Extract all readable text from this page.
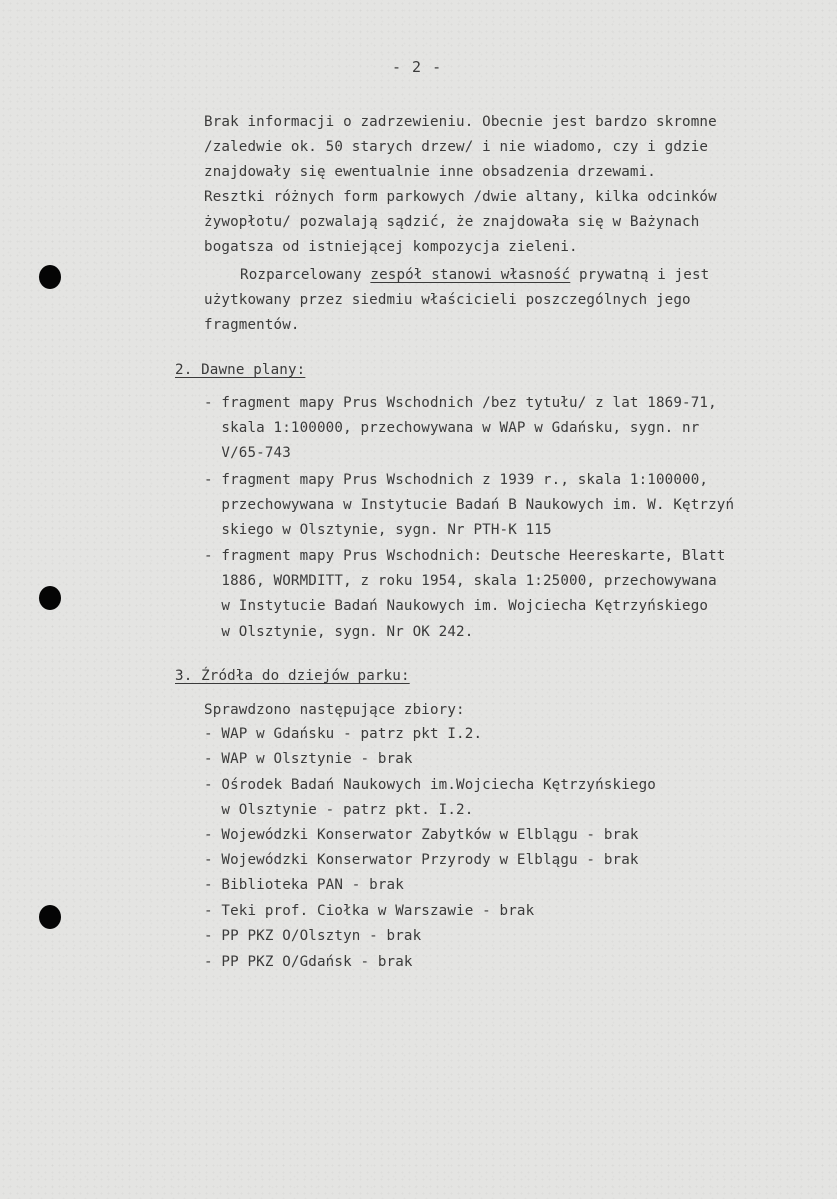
- 2 -
Brak informacji o zadrzewieniu. Obecnie jest bardzo skromne
/zaledwie ok. 50 starych drzew/ i nie wiadomo, czy i gdzie
znajdowały się ewentualnie inne obsadzenia drzewami.
Resztki różnych form parkowych /dwie altany, kilka odcinków
żywopłotu/ pozwalają sądzić, że znajdowała się w Bażynach
bogatsza od istniejącej kompozycja zieleni.
Rozparcelowany zespół stanowi własność prywatną i jest
użytkowany przez siedmiu właścicieli poszczególnych jego
fragmentów.
2. Dawne plany:
- fragment mapy Prus Wschodnich /bez tytułu/ z lat 1869-71,
skala 1:100000, przechowywana w WAP w Gdańsku, sygn. nr
V/65-743
- fragment mapy Prus Wschodnich z 1939 r., skala 1:100000,
przechowywana w Instytucie Badań B Naukowych im. W. Kętrzyń
skiego w Olsztynie, sygn. Nr PTH-K 115
- fragment mapy Prus Wschodnich: Deutsche Heereskarte, Blatt
1886, WORMDITT, z roku 1954, skala 1:25000, przechowywana
w Instytucie Badań Naukowych im. Wojciecha Kętrzyńskiego
w Olsztynie, sygn. Nr OK 242.
3. Źródła do dziejów parku:
Sprawdzono następujące zbiory:
- WAP w Gdańsku - patrz pkt I.2.
- WAP w Olsztynie - brak
- Ośrodek Badań Naukowych im.Wojciecha Kętrzyńskiego
w Olsztynie - patrz pkt. I.2.
- Wojewódzki Konserwator Zabytków w Elblągu - brak
- Wojewódzki Konserwator Przyrody w Elblągu - brak
- Biblioteka PAN - brak
- Teki prof. Ciołka w Warszawie - brak
- PP PKZ O/Olsztyn - brak
- PP PKZ O/Gdańsk - brak
